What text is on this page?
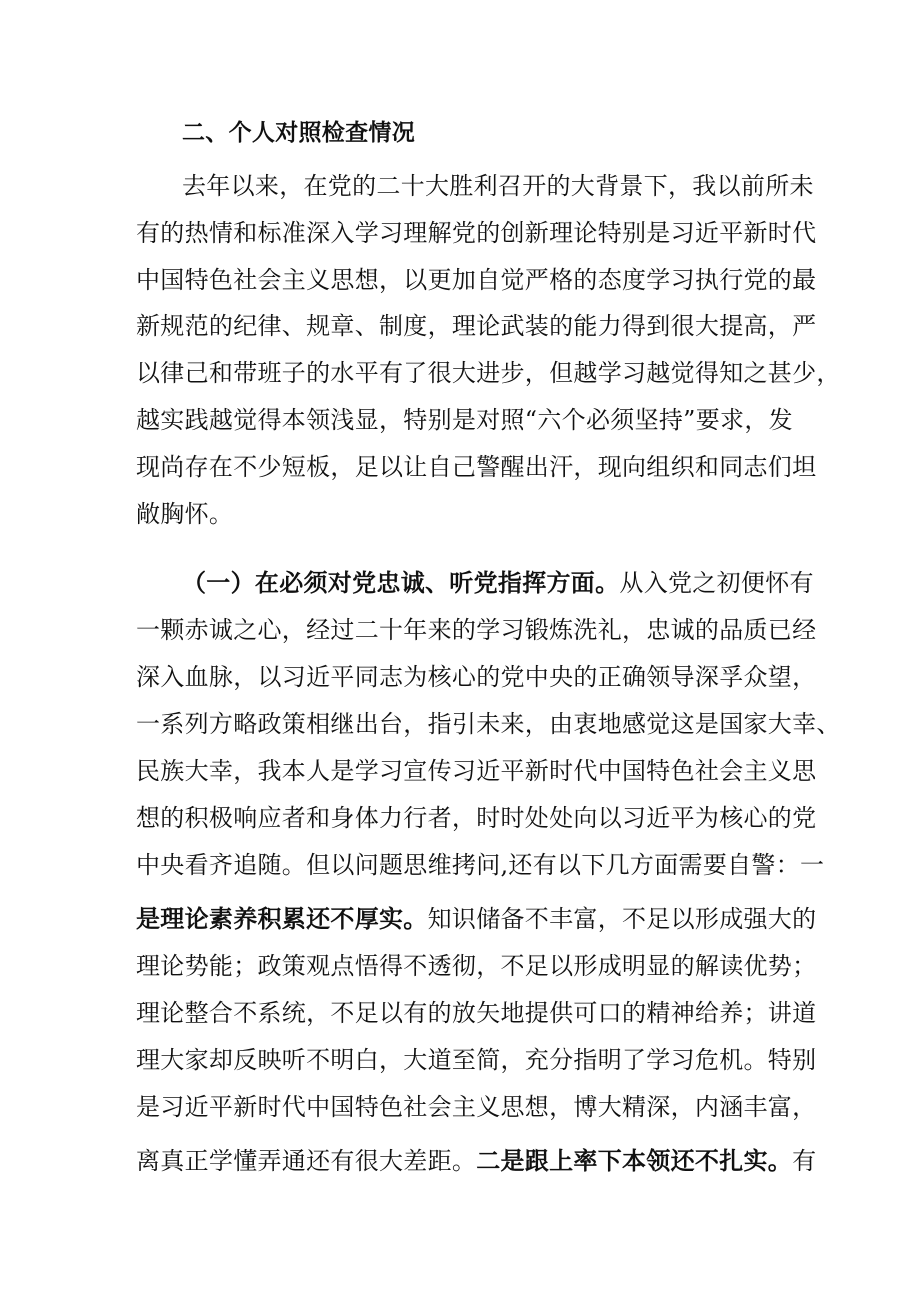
二、个人对照检查情况
去年以来，在党的二十大胜利召开的大背景下，我以前所未
有的热情和标准深入学习理解党的创新理论特别是习近平新时代
中国特色社会主义思想，以更加自觉严格的态度学习执行党的最
新规范的纪律、规章、制度，理论武装的能力得到很大提高，严
以律己和带班子的水平有了很大进步，但越学习越觉得知之甚少，
越实践越觉得本领浅显，特别是对照“六个必须坚持”要求，发
现尚存在不少短板，足以让自己警醒出汗，现向组织和同志们坦
敞胸怀。
（一）在必须对党忠诚、听党指挥方面。从入党之初便怀有
一颗赤诚之心，经过二十年来的学习锻炼洗礼，忠诚的品质已经
深入血脉，以习近平同志为核心的党中央的正确领导深孚众望，
一系列方略政策相继出台，指引未来，由衷地感觉这是国家大幸、
民族大幸，我本人是学习宣传习近平新时代中国特色社会主义思
想的积极响应者和身体力行者，时时处处向以习近平为核心的党
中央看齐追随。但以问题思维拷问,还有以下几方面需要自警：一
是理论素养积累还不厚实。知识储备不丰富，不足以形成强大的
理论势能；政策观点悟得不透彻，不足以形成明显的解读优势；
理论整合不系统，不足以有的放矢地提供可口的精神给养；讲道
理大家却反映听不明白，大道至简，充分指明了学习危机。特别
是习近平新时代中国特色社会主义思想，博大精深，内涵丰富，
离真正学懂弄通还有很大差距。二是跟上率下本领还不扎实。有
